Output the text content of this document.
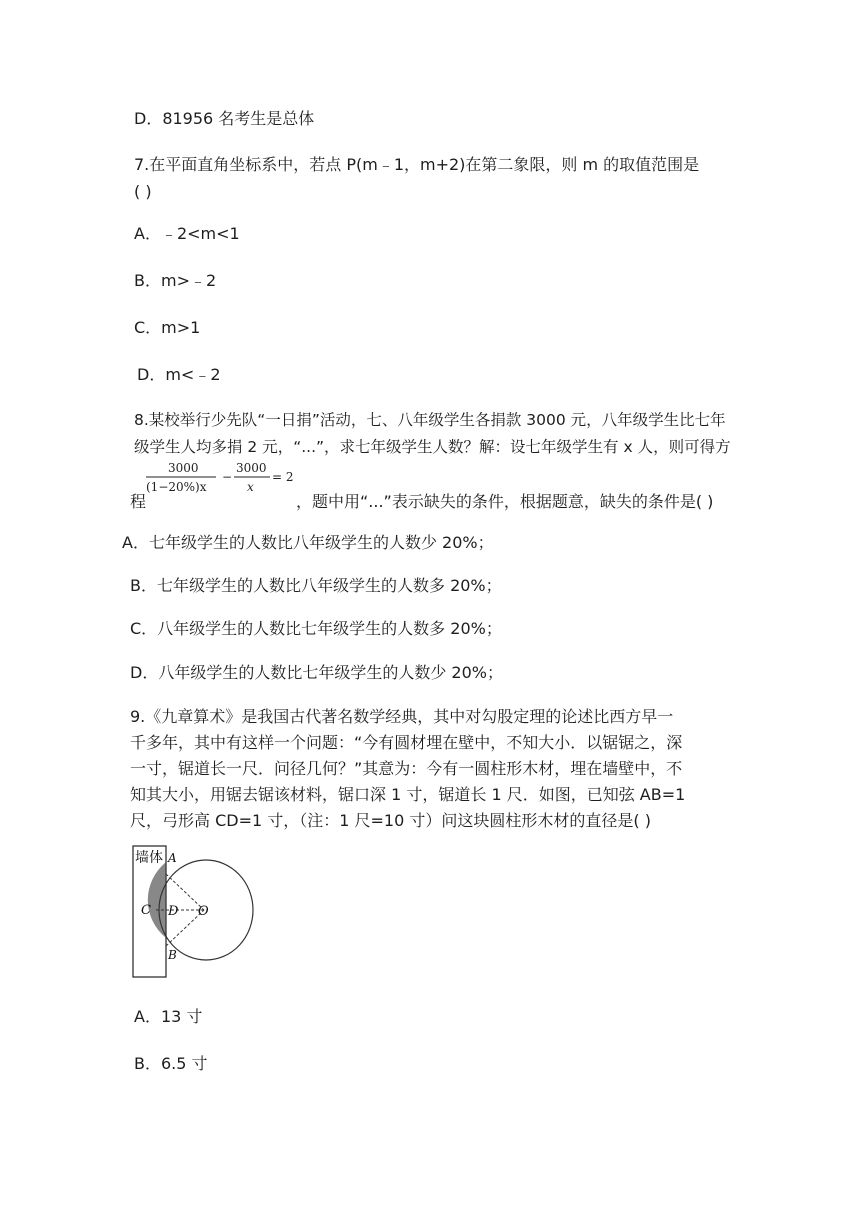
D．81956 名考生是总体
7.在平面直角坐标系中，若点 P(m﹣1，m+2)在第二象限，则 m 的取值范围是
( )
A．﹣2<m<1
B．m>﹣2
C．m>1
D．m<﹣2
8.某校举行少先队“一日捐”活动，七、八年级学生各捐款 3000 元，八年级学生比七年
级学生人均多捐 2 元，“...”，求七年级学生人数？解：设七年级学生有 x 人，则可得方
程
3000
(1−20%)x
−
3000
x
= 2
，题中用“...”表示缺失的条件，根据题意，缺失的条件是( )
A．七年级学生的人数比八年级学生的人数少 20%；
B．七年级学生的人数比八年级学生的人数多 20%；
C．八年级学生的人数比七年级学生的人数多 20%；
D．八年级学生的人数比七年级学生的人数少 20%；
9.《九章算术》是我国古代著名数学经典，其中对勾股定理的论述比西方早一
千多年，其中有这样一个问题：“今有圆材埋在壁中，不知大小．以锯锯之，深
一寸，锯道长一尺．问径几何？”其意为：今有一圆柱形木材，埋在墙壁中，不
知其大小，用锯去锯该材料，锯口深 1 寸，锯道长 1 尺．如图，已知弦 AB=1
尺，弓形高 CD=1 寸，（注：1 尺=10 寸）问这块圆柱形木材的直径是( )
墙体 A
B
C D O
A．13 寸
B．6.5 寸
